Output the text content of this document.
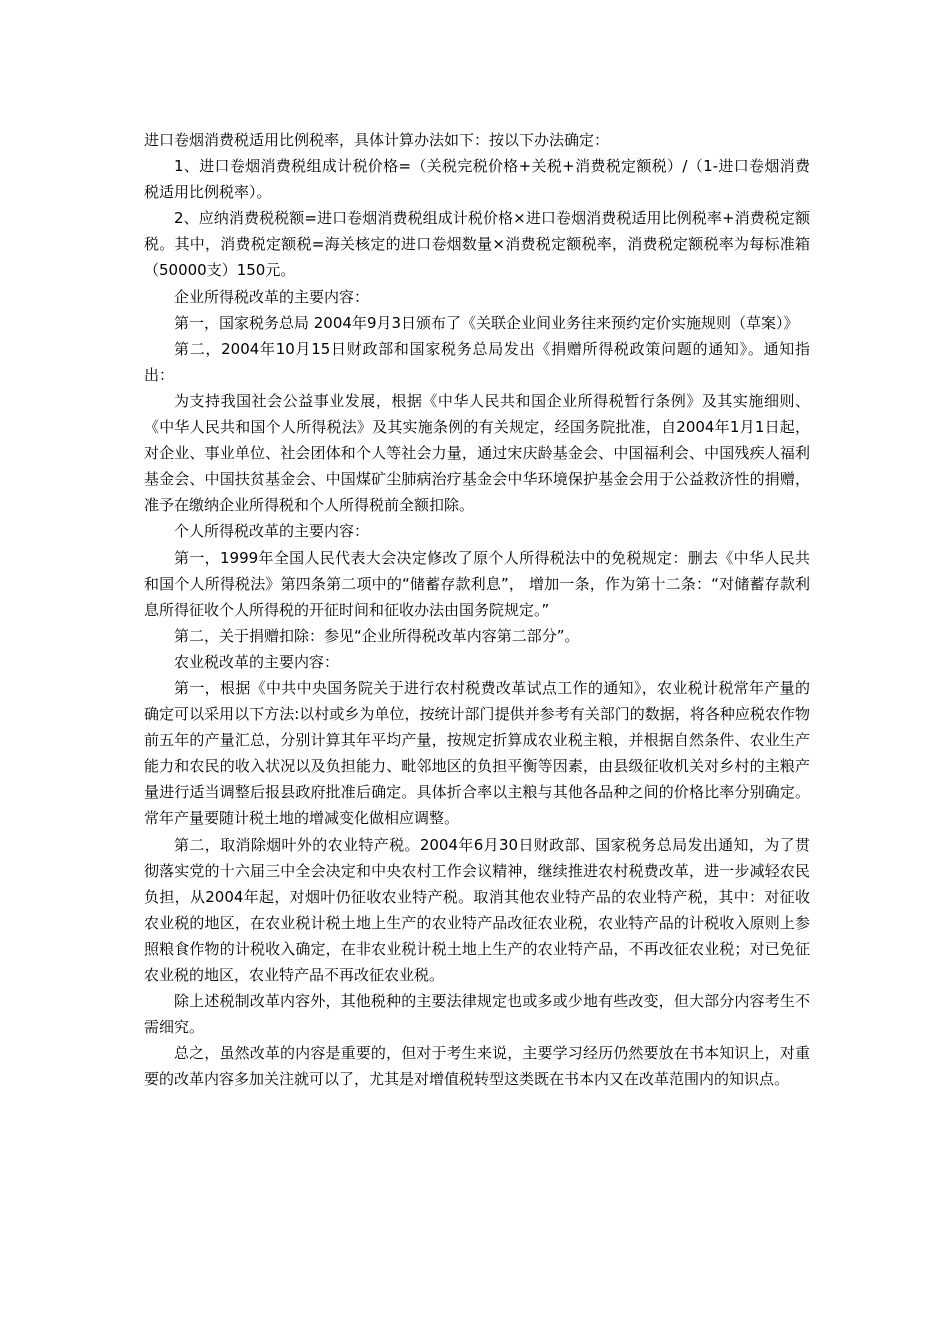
进口卷烟消费税适用比例税率，具体计算办法如下：按以下办法确定：

1、进口卷烟消费税组成计税价格=（关税完税价格+关税+消费税定额税）/（1-进口卷烟消费税适用比例税率）。

2、应纳消费税税额=进口卷烟消费税组成计税价格×进口卷烟消费税适用比例税率+消费税定额税。其中，消费税定额税=海关核定的进口卷烟数量×消费税定额税率，消费税定额税率为每标准箱（50000支）150元。

企业所得税改革的主要内容：

第一，国家税务总局 2004年9月3日颁布了《关联企业间业务往来预约定价实施规则（草案）》

第二，2004年10月15日财政部和国家税务总局发出《捐赠所得税政策问题的通知》。通知指出：

为支持我国社会公益事业发展，根据《中华人民共和国企业所得税暂行条例》及其实施细则、《中华人民共和国个人所得税法》及其实施条例的有关规定，经国务院批准，自2004年1月1日起，对企业、事业单位、社会团体和个人等社会力量，通过宋庆龄基金会、中国福利会、中国残疾人福利基金会、中国扶贫基金会、中国煤矿尘肺病治疗基金会中华环境保护基金会用于公益救济性的捐赠，准予在缴纳企业所得税和个人所得税前全额扣除。

个人所得税改革的主要内容：

第一，1999年全国人民代表大会决定修改了原个人所得税法中的免税规定：删去《中华人民共和国个人所得税法》第四条第二项中的“储蓄存款利息”， 增加一条，作为第十二条：“对储蓄存款利息所得征收个人所得税的开征时间和征收办法由国务院规定。”

第二，关于捐赠扣除：参见“企业所得税改革内容第二部分”。

农业税改革的主要内容：

第一，根据《中共中央国务院关于进行农村税费改革试点工作的通知》，农业税计税常年产量的确定可以采用以下方法:以村或乡为单位，按统计部门提供并参考有关部门的数据，将各种应税农作物前五年的产量汇总，分别计算其年平均产量，按规定折算成农业税主粮，并根据自然条件、农业生产能力和农民的收入状况以及负担能力、毗邻地区的负担平衡等因素，由县级征收机关对乡村的主粮产量进行适当调整后报县政府批准后确定。具体折合率以主粮与其他各品种之间的价格比率分别确定。常年产量要随计税土地的增减变化做相应调整。

第二，取消除烟叶外的农业特产税。2004年6月30日财政部、国家税务总局发出通知，为了贯彻落实党的十六届三中全会决定和中央农村工作会议精神，继续推进农村税费改革，进一步减轻农民负担，从2004年起，对烟叶仍征收农业特产税。取消其他农业特产品的农业特产税，其中：对征收农业税的地区，在农业税计税土地上生产的农业特产品改征农业税，农业特产品的计税收入原则上参照粮食作物的计税收入确定，在非农业税计税土地上生产的农业特产品，不再改征农业税；对已免征农业税的地区，农业特产品不再改征农业税。

除上述税制改革内容外，其他税种的主要法律规定也或多或少地有些改变，但大部分内容考生不需细究。

总之，虽然改革的内容是重要的，但对于考生来说，主要学习经历仍然要放在书本知识上，对重要的改革内容多加关注就可以了，尤其是对增值税转型这类既在书本内又在改革范围内的知识点。
